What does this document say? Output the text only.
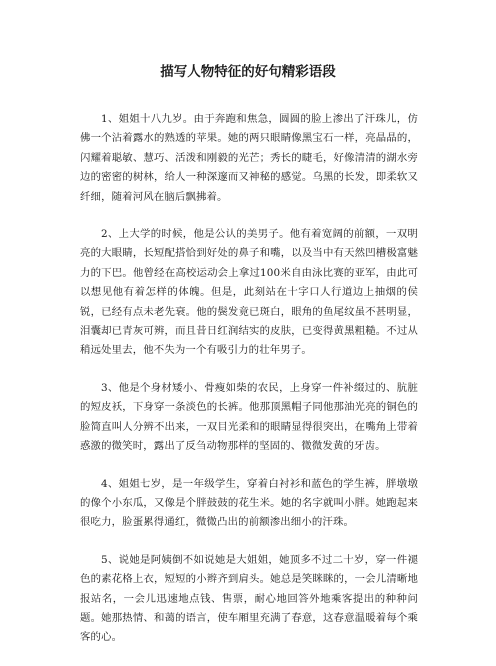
描写人物特征的好句精彩语段

1、姐姐十八九岁。由于奔跑和焦急，圆圆的脸上渗出了汗珠儿，仿佛一个沾着露水的熟透的苹果。她的两只眼睛像黑宝石一样，亮晶晶的，闪耀着聪敏、慧巧、活泼和刚毅的光芒；秀长的睫毛，好像清清的湖水旁边的密密的树林，给人一种深邃而又神秘的感觉。乌黑的长发，即柔软又纤细，随着河风在脑后飘拂着。

2、上大学的时候，他是公认的美男子。他有着宽阔的前额，一双明亮的大眼睛，长短配搭恰到好处的鼻子和嘴，以及当中有天然凹槽极富魅力的下巴。他曾经在高校运动会上拿过100米自由泳比赛的亚军，由此可以想见他有着怎样的体魄。但是，此刻站在十字口人行道边上抽烟的侯锐，已经有点未老先衰。他的鬓发竟已斑白，眼角的鱼尾纹虽不甚明显，泪囊却已青灰可辨，而且昔日红润结实的皮肤，已变得黄黑粗糙。不过从稍远处里去，他不失为一个有吸引力的壮年男子。

3、他是个身材矮小、骨瘦如柴的农民，上身穿一件补缀过的、肮脏的短皮袄，下身穿一条淡色的长裤。他那顶黑帽子同他那油光亮的铜色的脸简直叫人分辨不出来，一双目光柔和的眼睛显得很突出，在嘴角上带着惑激的微笑时，露出了反刍动物那样的坚固的、微微发黄的牙齿。

4、姐姐七岁，是一年级学生，穿着白衬衫和蓝色的学生裤，胖墩墩的像个小东瓜，又像是个胖鼓鼓的花生米。她的名字就叫小胖。她跑起来很吃力，脸蛋累得通红，微微凸出的前额渗出细小的汗珠。

5、说她是阿姨倒不如说她是大姐姐，她顶多不过二十岁，穿一件褪色的素花格上衣，短短的小辫齐到肩头。她总是笑眯眯的，一会儿清晰地报站名，一会儿迅速地点钱、售票，耐心地回答外地乘客提出的种种问题。她那热情、和蔼的语言，使车厢里充满了春意，这春意温暖着每个乘客的心。
